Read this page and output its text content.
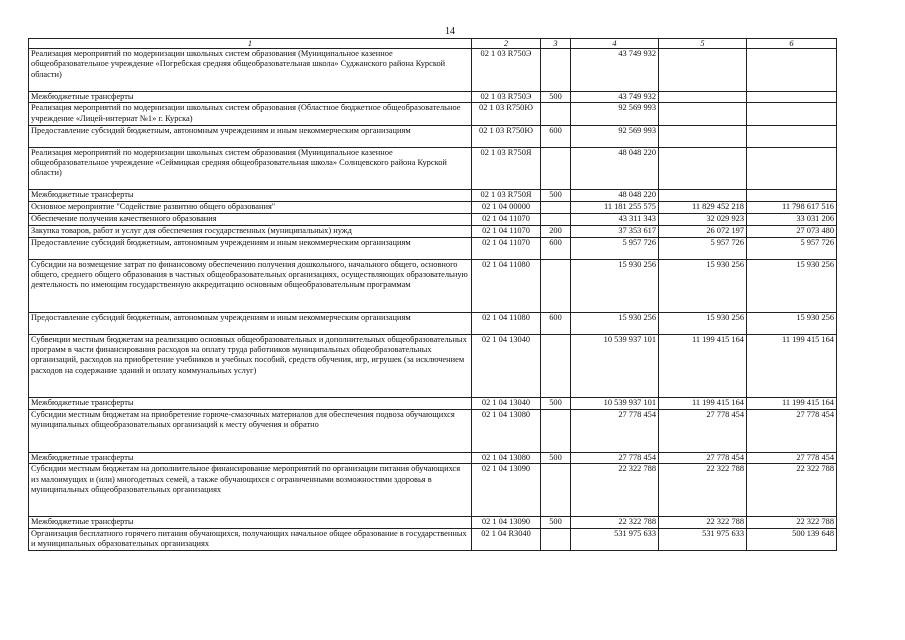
14
1	2	3	4	5	6
Реализация мероприятий по модернизации школьных систем образования (Муниципальное казенное общеобразовательное учреждение «Погребская средняя общеобразовательная школа» Суджанского района Курской области)	02 1 03 R750Э		43 749 932		
Межбюджетные трансферты	02 1 03 R750Э	500	43 749 932		
Реализация мероприятий по модернизации школьных систем образования (Областное бюджетное общеобразовательное учреждение «Лицей-интернат №1» г. Курска)	02 1 03 R750Ю		92 569 993		
Предоставление субсидий бюджетным, автономным учреждениям и иным некоммерческим организациям	02 1 03 R750Ю	600	92 569 993		
Реализация мероприятий по модернизации школьных систем образования (Муниципальное казенное общеобразовательное учреждение «Сеймицкая средняя общеобразовательная школа» Солнцевского района Курской области)	02 1 03 R750Я		48 048 220		
Межбюджетные трансферты	02 1 03 R750Я	500	48 048 220		
Основное мероприятие "Содействие развитию общего образования"	02 1 04 00000		11 181 255 575	11 829 452 218	11 798 617 516
Обеспечение получения качественного образования	02 1 04 11070		43 311 343	32 029 923	33 031 206
Закупка товаров, работ и услуг для обеспечения государственных (муниципальных) нужд	02 1 04 11070	200	37 353 617	26 072 197	27 073 480
Предоставление субсидий бюджетным, автономным учреждениям и иным некоммерческим организациям	02 1 04 11070	600	5 957 726	5 957 726	5 957 726
Субсидии на возмещение затрат по финансовому обеспечению получения дошкольного, начального общего, основного общего, среднего общего образования в частных общеобразовательных организациях, осуществляющих образовательную деятельность по имеющим государственную аккредитацию основным общеобразовательным программам	02 1 04 11080		15 930 256	15 930 256	15 930 256
Предоставление субсидий бюджетным, автономным учреждениям и иным некоммерческим организациям	02 1 04 11080	600	15 930 256	15 930 256	15 930 256
Субвенции местным бюджетам на реализацию основных общеобразовательных и дополнительных общеобразовательных программ в части финансирования расходов на оплату труда работников муниципальных общеобразовательных организаций, расходов на приобретение учебников и учебных пособий, средств обучения, игр, игрушек (за исключением расходов на содержание зданий и оплату коммунальных услуг)	02 1 04 13040		10 539 937 101	11 199 415 164	11 199 415 164
Межбюджетные трансферты	02 1 04 13040	500	10 539 937 101	11 199 415 164	11 199 415 164
Субсидии местным бюджетам на приобретение горюче-смазочных материалов для обеспечения подвоза обучающихся муниципальных общеобразовательных организаций к месту обучения и обратно	02 1 04 13080		27 778 454	27 778 454	27 778 454
Межбюджетные трансферты	02 1 04 13080	500	27 778 454	27 778 454	27 778 454
Субсидии местным бюджетам на дополнительное финансирование мероприятий по организации питания обучающихся из малоимущих и (или) многодетных семей, а также обучающихся с ограниченными возможностями здоровья в муниципальных общеобразовательных организациях	02 1 04 13090		22 322 788	22 322 788	22 322 788
Межбюджетные трансферты	02 1 04 13090	500	22 322 788	22 322 788	22 322 788
Организация бесплатного горячего питания обучающихся, получающих начальное общее образование в государственных и муниципальных образовательных организациях	02 1 04 R3040		531 975 633	531 975 633	500 139 648
